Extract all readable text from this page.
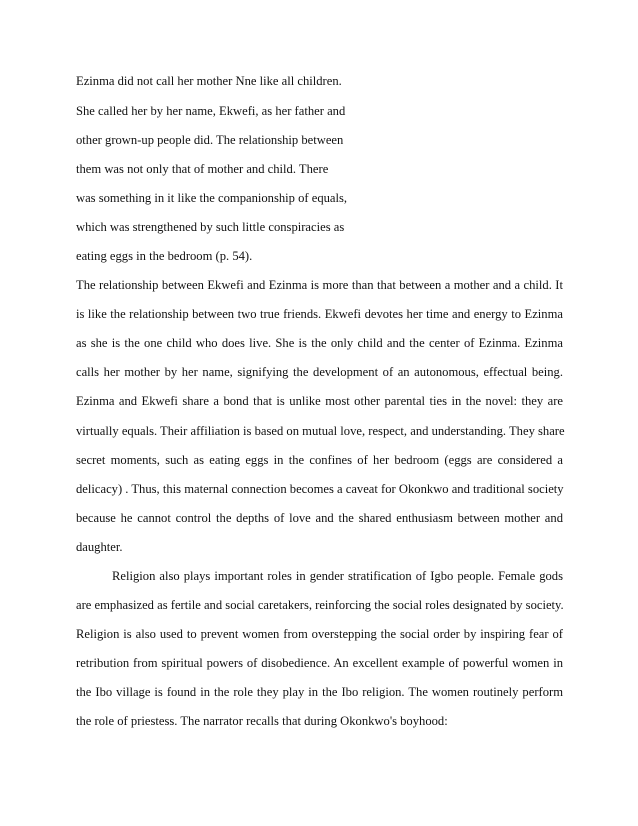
Ezinma did not call her mother Nne like all children.
She called her by her name, Ekwefi, as her father and
other grown-up people did. The relationship between
them was not only that of mother and child. There
was something in it like the companionship of equals,
which was strengthened by such little conspiracies as
eating eggs in the bedroom (p. 54).
The relationship between Ekwefi and Ezinma is more than that between a mother and a child. It
is like the relationship between two true friends. Ekwefi devotes her time and energy to Ezinma
as she is the one child who does live. She is the only child and the center of Ezinma. Ezinma
calls her mother by her name, signifying the development of an autonomous, effectual being.
Ezinma and Ekwefi share a bond that is unlike most other parental ties in the novel: they are
virtually equals. Their affiliation is based on mutual love, respect, and understanding. They share
secret moments, such as eating eggs in the confines of her bedroom (eggs are considered a
delicacy) . Thus, this maternal connection becomes a caveat for Okonkwo and traditional society
because he cannot control the depths of love and the shared enthusiasm between mother and
daughter.
Religion also plays important roles in gender stratification of Igbo people. Female gods
are emphasized as fertile and social caretakers, reinforcing the social roles designated by society.
Religion is also used to prevent women from overstepping the social order by inspiring fear of
retribution from spiritual powers of disobedience. An excellent example of powerful women in
the Ibo village is found in the role they play in the Ibo religion. The women routinely perform
the role of priestess. The narrator recalls that during Okonkwo's boyhood:
